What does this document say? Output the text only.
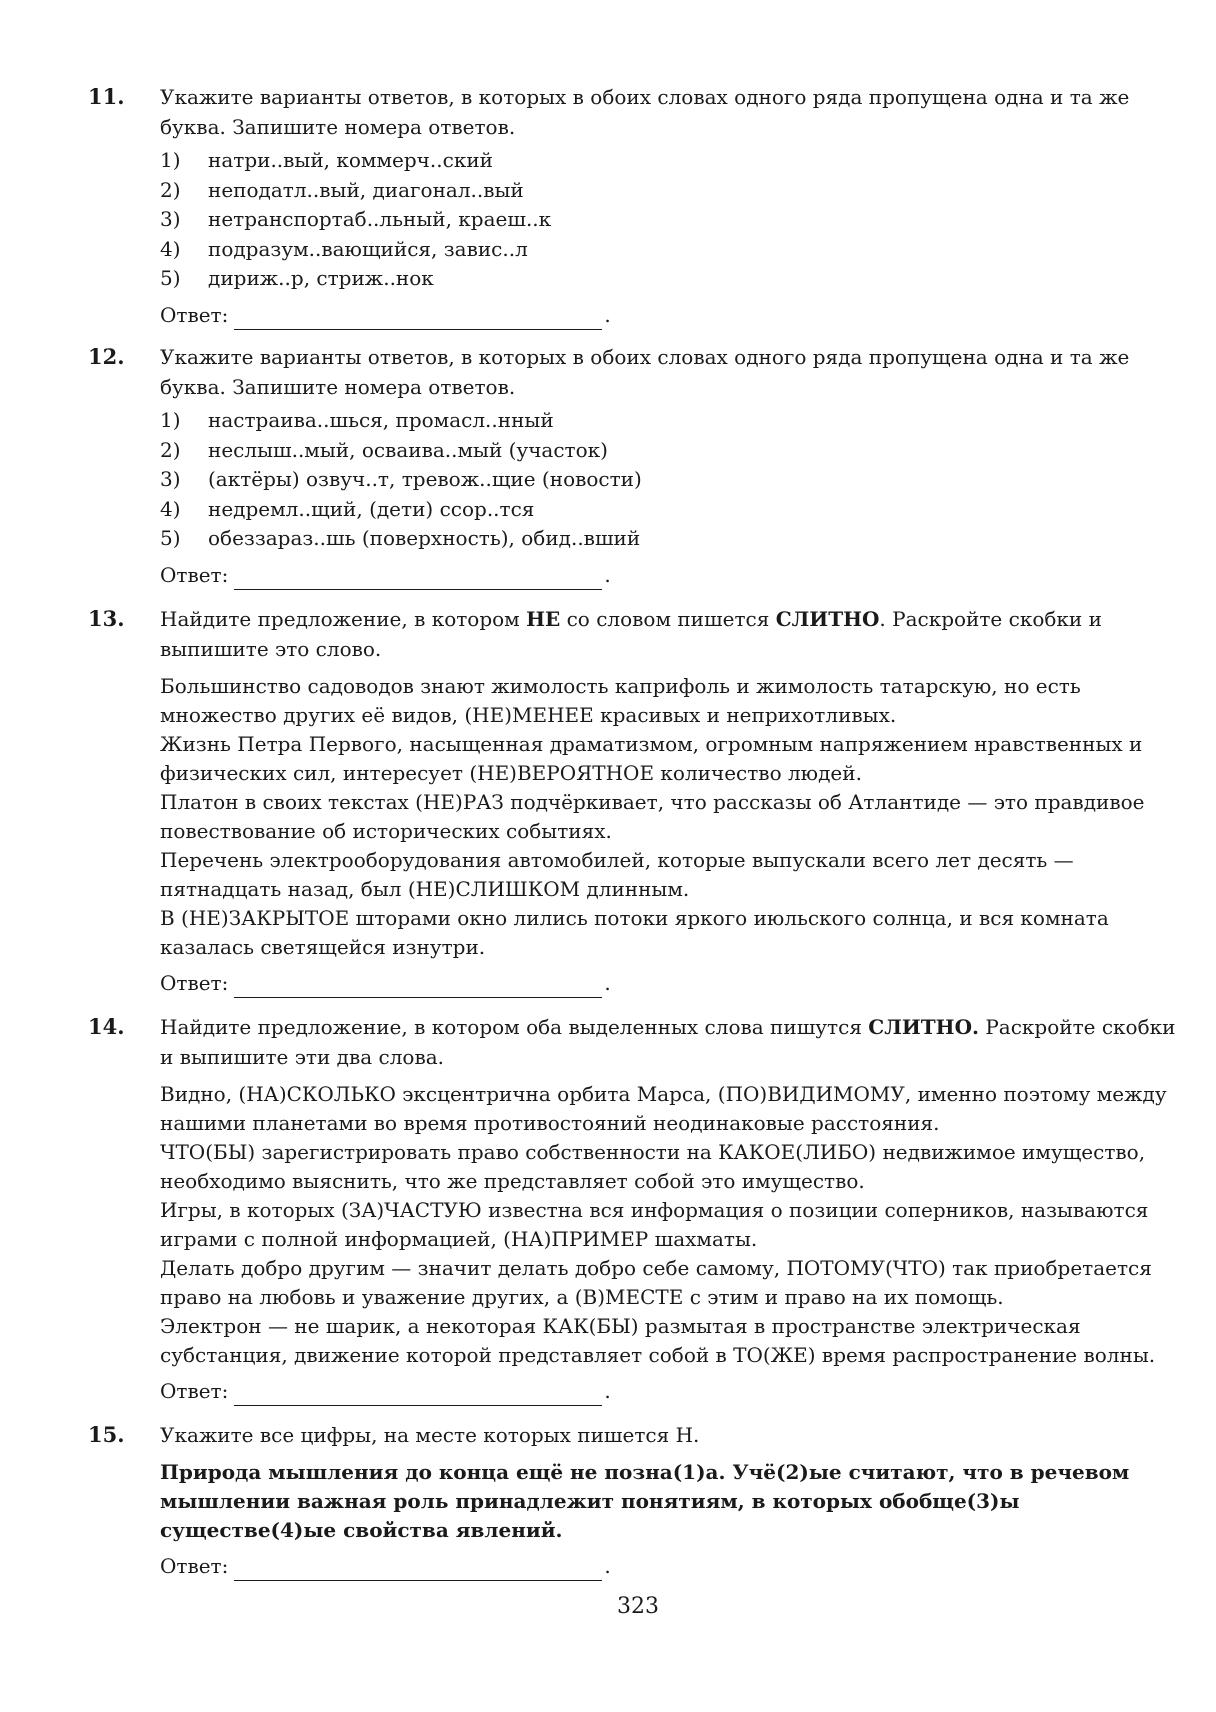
11. Укажите варианты ответов, в которых в обоих словах одного ряда пропущена одна и та же буква. Запишите номера ответов.

1)	натри..вый, коммерч..ский
2)	неподатл..вый, диагонал..вый
3)	нетранспортаб..льный, краеш..к
4)	подразум..вающийся, завис..л
5)	дириж..р, стриж..нок
Ответ:	.
12. Укажите варианты ответов, в которых в обоих словах одного ряда пропущена одна и та же буква. Запишите номера ответов.

1)	настраива..шься, промасл..нный
2)	неслыш..мый, осваива..мый (участок)
3)	(актёры) озвуч..т, тревож..щие (новости)
4)	недремл..щий, (дети) ссор..тся
5)	обеззараз..шь (поверхность), обид..вший
Ответ:	.
13. Найдите предложение, в котором НЕ со словом пишется СЛИТНО. Раскройте скобки и выпишите это слово.

Большинство садоводов знают жимолость каприфоль и жимолость татарскую, но есть множество других её видов, (НЕ)МЕНЕЕ красивых и неприхотливых.

Жизнь Петра Первого, насыщенная драматизмом, огромным напряжением нравственных и физических сил, интересует (НЕ)ВЕРОЯТНОЕ количество людей.

Платон в своих текстах (НЕ)РАЗ подчёркивает, что рассказы об Атлантиде — это правдивое повествование об исторических событиях.

Перечень электрооборудования автомобилей, которые выпускали всего лет десять — пятнадцать назад, был (НЕ)СЛИШКОМ длинным.

В (НЕ)ЗАКРЫТОЕ шторами окно лились потоки яркого июльского солнца, и вся комната казалась светящейся изнутри.

Ответ:	.
14. Найдите предложение, в котором оба выделенных слова пишутся СЛИТНО. Раскройте скобки и выпишите эти два слова.

Видно, (НА)СКОЛЬКО эксцентрична орбита Марса, (ПО)ВИДИМОМУ, именно поэтому между нашими планетами во время противостояний неодинаковые расстояния.

ЧТО(БЫ) зарегистрировать право собственности на КАКОЕ(ЛИБО) недвижимое имущество, необходимо выяснить, что же представляет собой это имущество.

Игры, в которых (ЗА)ЧАСТУЮ известна вся информация о позиции соперников, называются играми с полной информацией, (НА)ПРИМЕР шахматы.

Делать добро другим — значит делать добро себе самому, ПОТОМУ(ЧТО) так приобретается право на любовь и уважение других, а (В)МЕСТЕ с этим и право на их помощь.

Электрон — не шарик, а некоторая КАК(БЫ) размытая в пространстве электрическая субстанция, движение которой представляет собой в ТО(ЖЕ) время распространение волны.

Ответ:	.
15. Укажите все цифры, на месте которых пишется Н.

Природа мышления до конца ещё не позна(1)а. Учё(2)ые считают, что в речевом мышлении важная роль принадлежит понятиям, в которых обобще(3)ы существе(4)ые свойства явлений.

Ответ:	.
323
